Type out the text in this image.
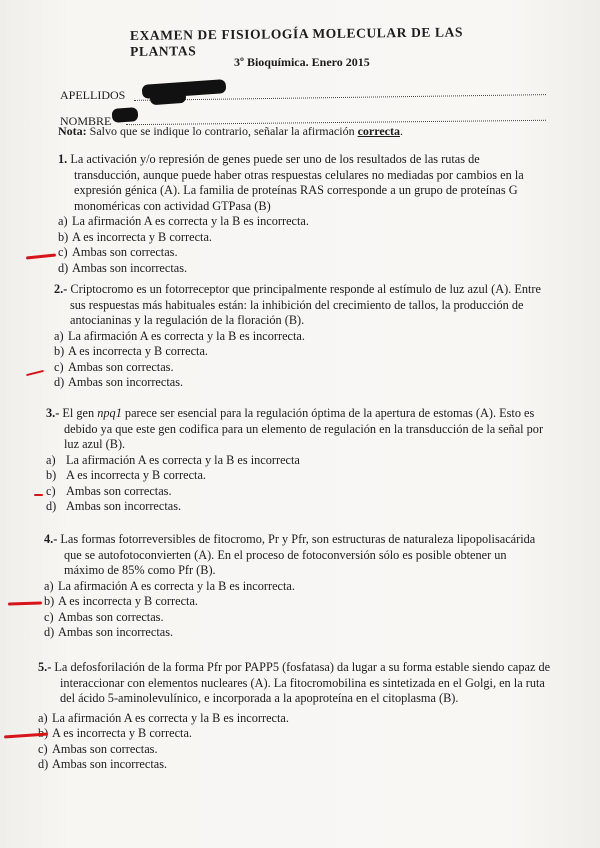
EXAMEN DE FISIOLOGÍA MOLECULAR DE LAS PLANTAS
3º Bioquímica. Enero 2015
APELLIDOS
NOMBRE
Nota: Salvo que se indique lo contrario, señalar la afirmación correcta.

1. La activación y/o represión de genes puede ser uno de los resultados de las rutas de transducción, aunque puede haber otras respuestas celulares no mediadas por cambios en la expresión génica (A). La familia de proteínas RAS corresponde a un grupo de proteínas G monoméricas con actividad GTPasa (B)

a) La afirmación A es correcta y la B es incorrecta.
b) A es incorrecta y B correcta.
c) Ambas son correctas.
d) Ambas son incorrectas.

2.- Criptocromo es un fotorreceptor que principalmente responde al estímulo de luz azul (A). Entre sus respuestas más habituales están: la inhibición del crecimiento de tallos, la producción de antocianinas y la regulación de la floración (B).

a) La afirmación A es correcta y la B es incorrecta.
b) A es incorrecta y B correcta.
c) Ambas son correctas.
d) Ambas son incorrectas.

3.- El gen npq1 parece ser esencial para la regulación óptima de la apertura de estomas (A). Esto es debido ya que este gen codifica para un elemento de regulación en la transducción de la señal por luz azul (B).

a) La afirmación A es correcta y la B es incorrecta
b) A es incorrecta y B correcta.
c) Ambas son correctas.
d) Ambas son incorrectas.

4.- Las formas fotorreversibles de fitocromo, Pr y Pfr, son estructuras de naturaleza lipopolisacárida que se autofotoconvierten (A). En el proceso de fotoconversión sólo es posible obtener un máximo de 85% como Pfr (B).

a) La afirmación A es correcta y la B es incorrecta.
b) A es incorrecta y B correcta.
c) Ambas son correctas.
d) Ambas son incorrectas.

5.- La defosforilación de la forma Pfr por PAPP5 (fosfatasa) da lugar a su forma estable siendo capaz de interaccionar con elementos nucleares (A). La fitocromobilina es sintetizada en el Golgi, en la ruta del ácido 5-aminolevulínico, e incorporada a la apoproteína en el citoplasma (B).

a) La afirmación A es correcta y la B es incorrecta.
A es incorrecta y B correcta.
c) Ambas son correctas.
d) Ambas son incorrectas.
